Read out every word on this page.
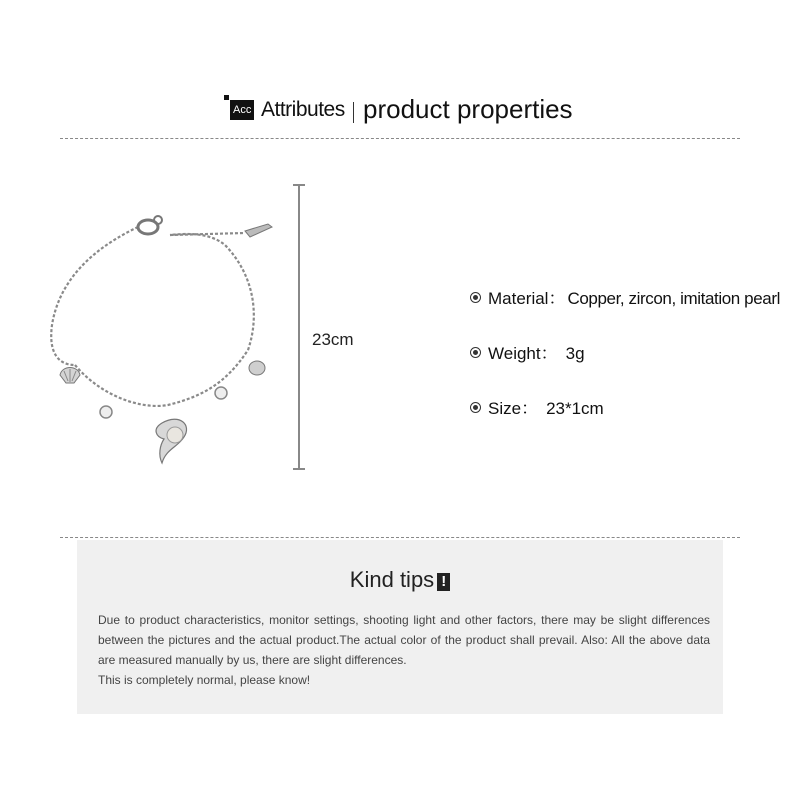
Acc Attributes product properties
23cm
Material： Copper, zircon, imitation pearl
Weight： 3g
Size： 23*1cm
Kind tips !

Due to product characteristics, monitor settings, shooting light and other factors, there may be slight differences between the pictures and the actual product.The actual color of the product shall prevail. Also: All the above data are measured manually by us, there are slight differences.

This is completely normal, please know!
